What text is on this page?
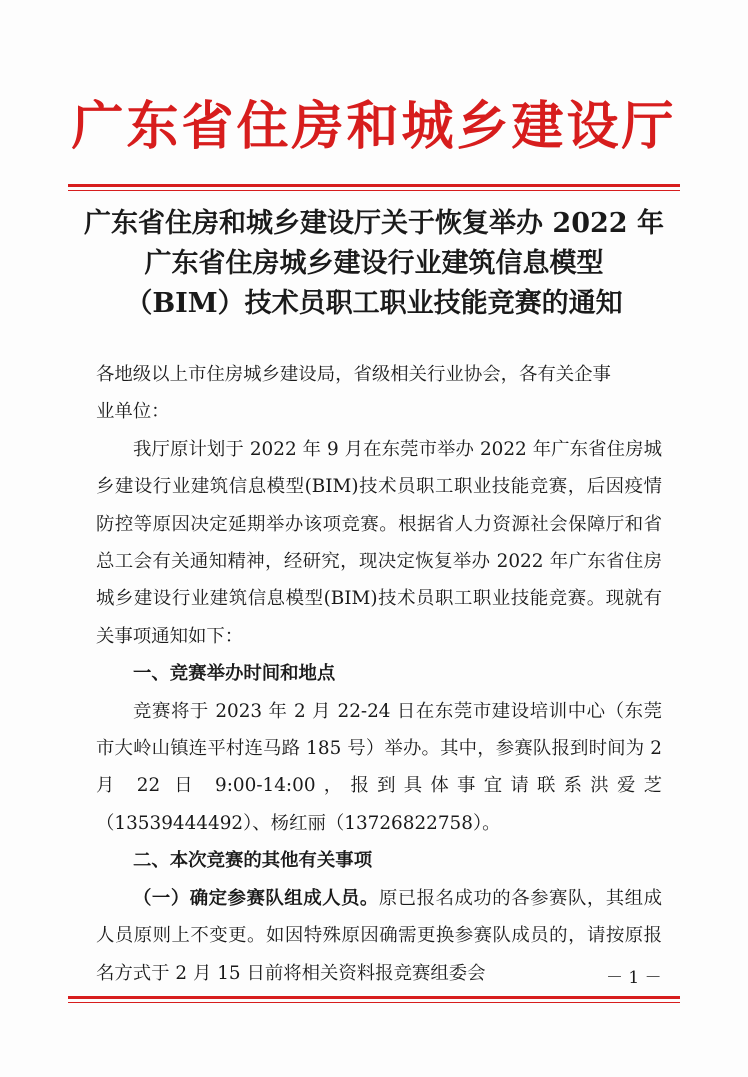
广东省住房和城乡建设厅
广东省住房和城乡建设厅关于恢复举办 2022 年
广东省住房城乡建设行业建筑信息模型
（BIM）技术员职工职业技能竞赛的通知

各地级以上市住房城乡建设局，省级相关行业协会，各有关企事
业单位：

我厅原计划于 2022 年 9 月在东莞市举办 2022 年广东省住房城乡建设行业建筑信息模型(BIM)技术员职工职业技能竞赛，后因疫情防控等原因决定延期举办该项竞赛。根据省人力资源社会保障厅和省总工会有关通知精神，经研究，现决定恢复举办 2022 年广东省住房城乡建设行业建筑信息模型(BIM)技术员职工职业技能竞赛。现就有关事项通知如下：

一、竞赛举办时间和地点

竞赛将于 2023 年 2 月 22-24 日在东莞市建设培训中心（东莞市大岭山镇连平村连马路 185 号）举办。其中，参赛队报到时间为 2 月 22 日 9:00-14:00，报到具体事宜请联系洪爱芝（13539444492）、杨红丽（13726822758）。

二、本次竞赛的其他有关事项

（一）确定参赛队组成人员。原已报名成功的各参赛队，其组成人员原则上不变更。如因特殊原因确需更换参赛队成员的，请按原报名方式于 2 月 15 日前将相关资料报竞赛组委会	－ 1 －
